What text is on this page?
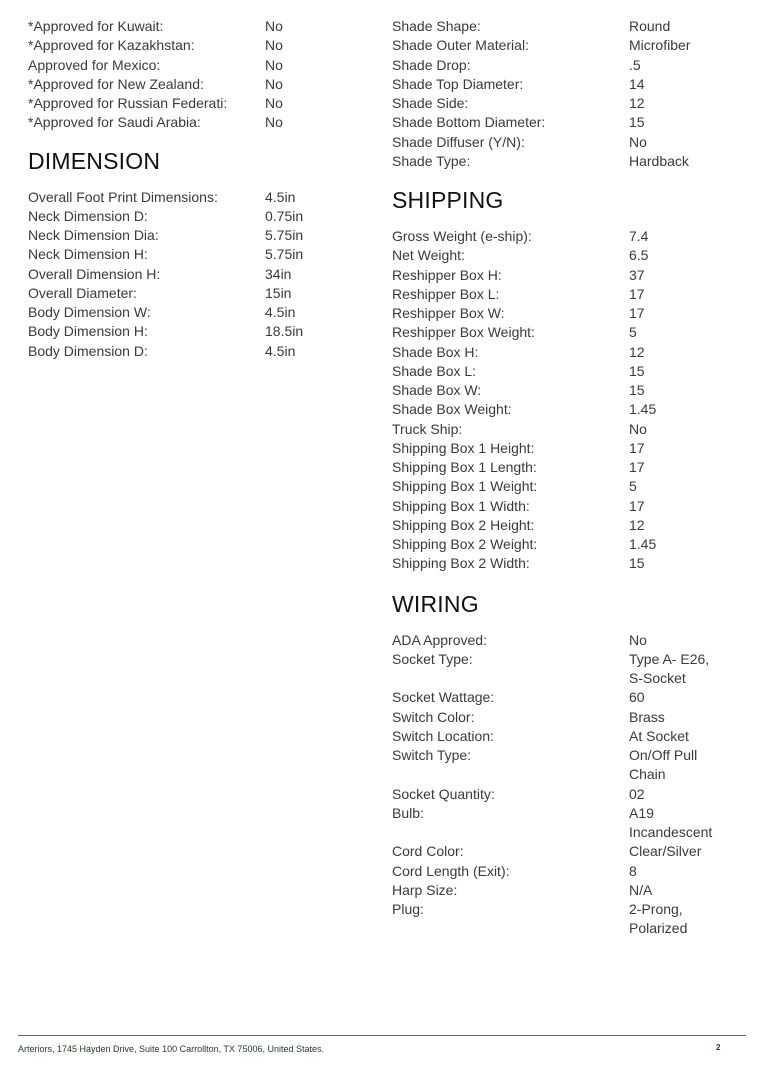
*Approved for Kuwait:	No
*Approved for Kazakhstan:	No
Approved for Mexico:	No
*Approved for New Zealand:	No
*Approved for Russian Federati:	No
*Approved for Saudi Arabia:	No
DIMENSION
Overall Foot Print Dimensions:	4.5in
Neck Dimension D:	0.75in
Neck Dimension Dia:	5.75in
Neck Dimension H:	5.75in
Overall Dimension H:	34in
Overall Diameter:	15in
Body Dimension W:	4.5in
Body Dimension H:	18.5in
Body Dimension D:	4.5in
Shade Shape:	Round
Shade Outer Material:	Microfiber
Shade Drop:	.5
Shade Top Diameter:	14
Shade Side:	12
Shade Bottom Diameter:	15
Shade Diffuser (Y/N):	No
Shade Type:	Hardback
SHIPPING
Gross Weight (e-ship):	7.4
Net Weight:	6.5
Reshipper Box H:	37
Reshipper Box L:	17
Reshipper Box W:	17
Reshipper Box Weight:	5
Shade Box H:	12
Shade Box L:	15
Shade Box W:	15
Shade Box Weight:	1.45
Truck Ship:	No
Shipping Box 1 Height:	17
Shipping Box 1 Length:	17
Shipping Box 1 Weight:	5
Shipping Box 1 Width:	17
Shipping Box 2 Height:	12
Shipping Box 2 Weight:	1.45
Shipping Box 2 Width:	15
WIRING
ADA Approved:	No
Socket Type:	Type A- E26, S-Socket
Socket Wattage:	60
Switch Color:	Brass
Switch Location:	At Socket
Switch Type:	On/Off Pull Chain
Socket Quantity:	02
Bulb:	A19 Incandescent
Cord Color:	Clear/Silver
Cord Length (Exit):	8
Harp Size:	N/A
Plug:	2-Prong, Polarized
Arteriors, 1745 Hayden Drive, Suite 100 Carrollton, TX 75006, United States.	2
